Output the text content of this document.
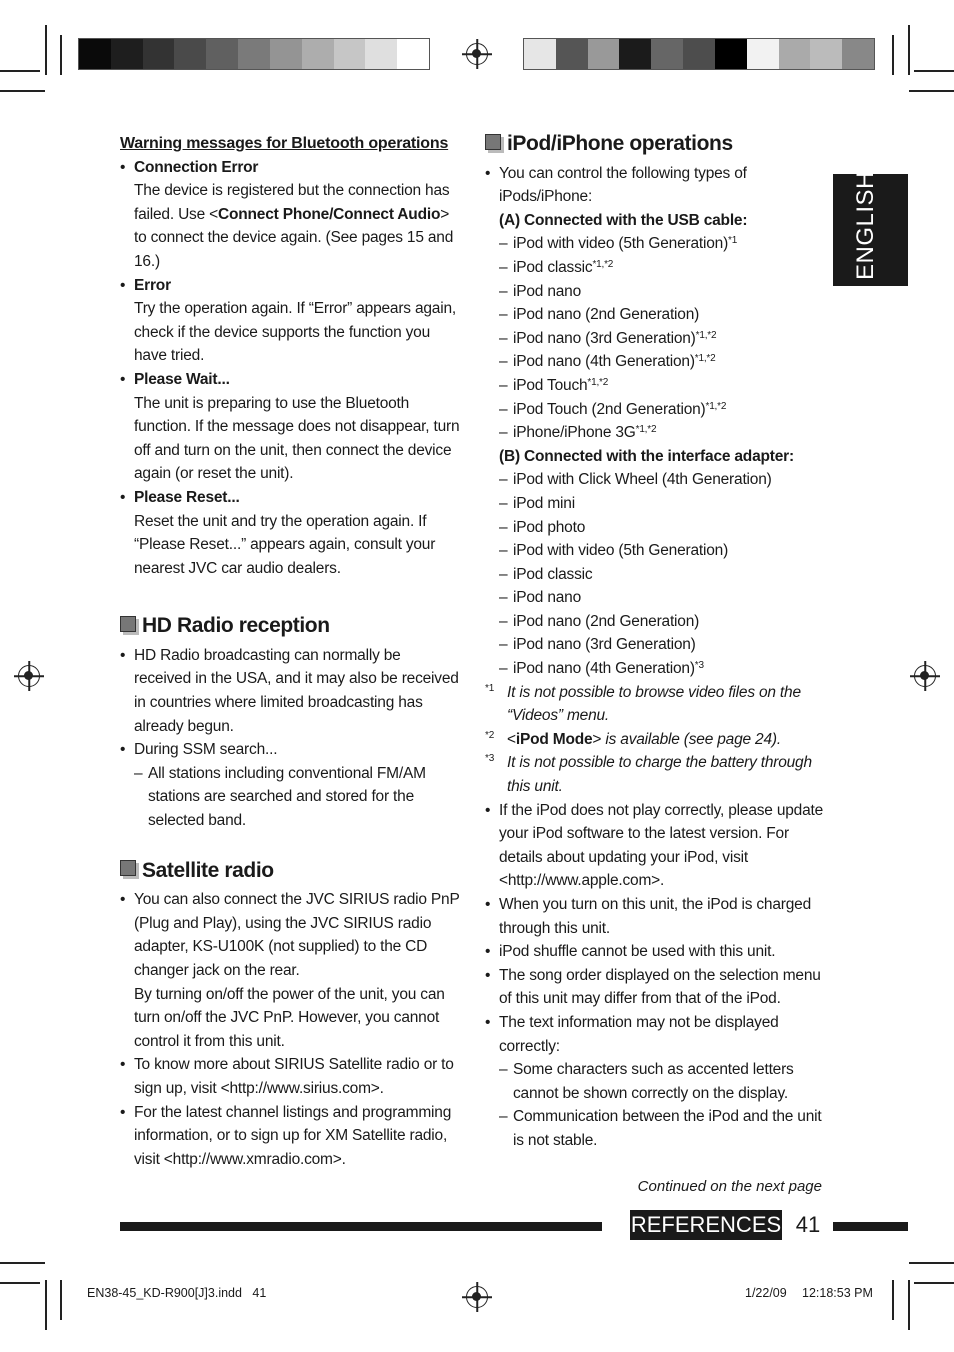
ENGLISH

Warning messages for Bluetooth operations

• Connection Error

The device is registered but the connection has failed. Use <Connect Phone/Connect Audio> to connect the device again. (See pages 15 and 16.)

• Error

Try the operation again. If “Error” appears again, check if the device supports the function you have tried.

• Please Wait...

The unit is preparing to use the Bluetooth function. If the message does not disappear, turn off and turn on the unit, then connect the device again (or reset the unit).

• Please Reset...

Reset the unit and try the operation again. If “Please Reset...” appears again, consult your nearest JVC car audio dealers.

HD Radio reception

• HD Radio broadcasting can normally be received in the USA, and it may also be received in countries where limited broadcasting has already begun.

• During SSM search...

– All stations including conventional FM/AM stations are searched and stored for the selected band.

Satellite radio

• You can also connect the JVC SIRIUS radio PnP (Plug and Play), using the JVC SIRIUS radio adapter, KS-U100K (not supplied) to the CD changer jack on the rear.

By turning on/off the power of the unit, you can turn on/off the JVC PnP. However, you cannot control it from this unit.

• To know more about SIRIUS Satellite radio or to sign up, visit <http://www.sirius.com>.

• For the latest channel listings and programming information, or to sign up for XM Satellite radio, visit <http://www.xmradio.com>.

iPod/iPhone operations

• You can control the following types of iPods/iPhone:

(A) Connected with the USB cable:

– iPod with video (5th Generation)$^{*1}$

– iPod classic$^{*1,*2}$

– iPod nano

– iPod nano (2nd Generation)

– iPod nano (3rd Generation)$^{*1,*2}$

– iPod nano (4th Generation)$^{*1,*2}$

– iPod Touch$^{*1,*2}$

– iPod Touch (2nd Generation)$^{*1,*2}$

– iPhone/iPhone $3G^{*1,*2}$

(B) Connected with the interface adapter:

– iPod with Click Wheel (4th Generation)

– iPod mini

– iPod photo

– iPod with video (5th Generation)

– iPod classic

– iPod nano

– iPod nano (2nd Generation)

– iPod nano (3rd Generation)

– iPod nano (4th Generation)$^{*3}$

*1 It is not possible to browse video files on the “Videos” menu.

*2 <iPod Mode> is available (see page 24).

*3 It is not possible to charge the battery through this unit.

• If the iPod does not play correctly, please update your iPod software to the latest version. For details about updating your iPod, visit <http://www.apple.com>.

• When you turn on this unit, the iPod is charged through this unit.

• iPod shuffle cannot be used with this unit.

• The song order displayed on the selection menu of this unit may differ from that of the iPod.

• The text information may not be displayed correctly:

– Some characters such as accented letters cannot be shown correctly on the display.

– Communication between the iPod and the unit is not stable.

Continued on the next page
REFERENCES 41
EN38-45_KD-R900[J]3.indd   41	1/22/09 12:18:53 PM
